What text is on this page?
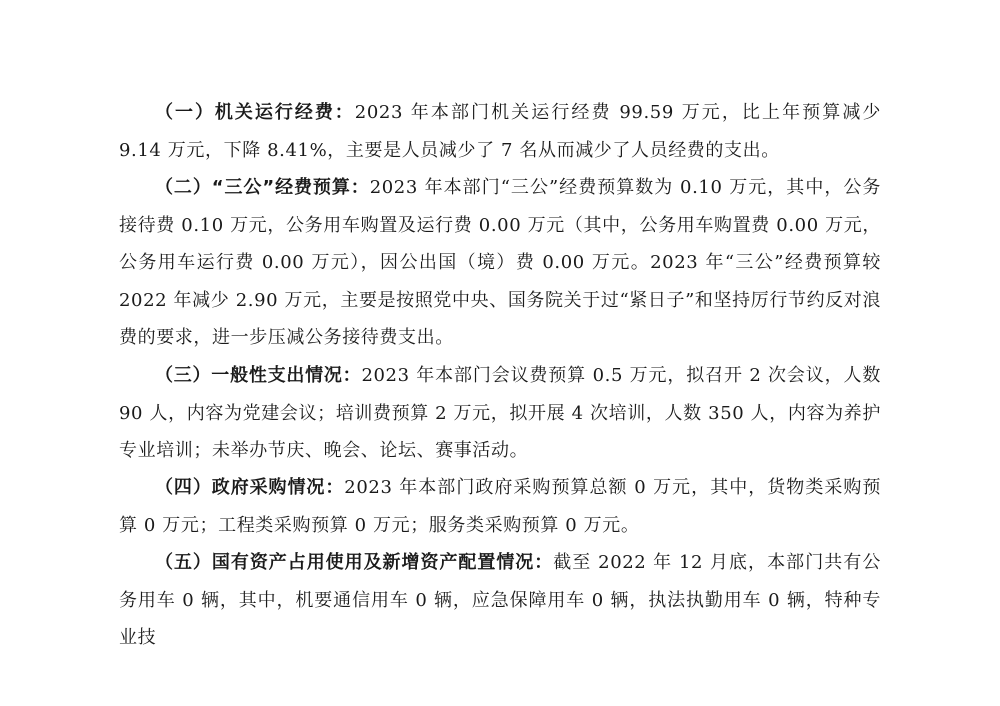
（一）机关运行经费：2023 年本部门机关运行经费 99.59 万元，比上年预算减少 9.14 万元，下降 8.41%，主要是人员减少了 7 名从而减少了人员经费的支出。

（二）“三公”经费预算：2023 年本部门“三公”经费预算数为 0.10 万元，其中，公务接待费 0.10 万元，公务用车购置及运行费 0.00 万元（其中，公务用车购置费 0.00 万元，公务用车运行费 0.00 万元），因公出国（境）费 0.00 万元。2023 年“三公”经费预算较 2022 年减少 2.90 万元，主要是按照党中央、国务院关于过“紧日子”和坚持厉行节约反对浪费的要求，进一步压减公务接待费支出。

（三）一般性支出情况：2023 年本部门会议费预算 0.5 万元，拟召开 2 次会议，人数 90 人，内容为党建会议；培训费预算 2 万元，拟开展 4 次培训，人数 350 人，内容为养护专业培训；未举办节庆、晚会、论坛、赛事活动。

（四）政府采购情况：2023 年本部门政府采购预算总额 0 万元，其中，货物类采购预算 0 万元；工程类采购预算 0 万元；服务类采购预算 0 万元。

（五）国有资产占用使用及新增资产配置情况：截至 2022 年 12 月底，本部门共有公务用车 0 辆，其中，机要通信用车 0 辆，应急保障用车 0 辆，执法执勤用车 0 辆，特种专业技
